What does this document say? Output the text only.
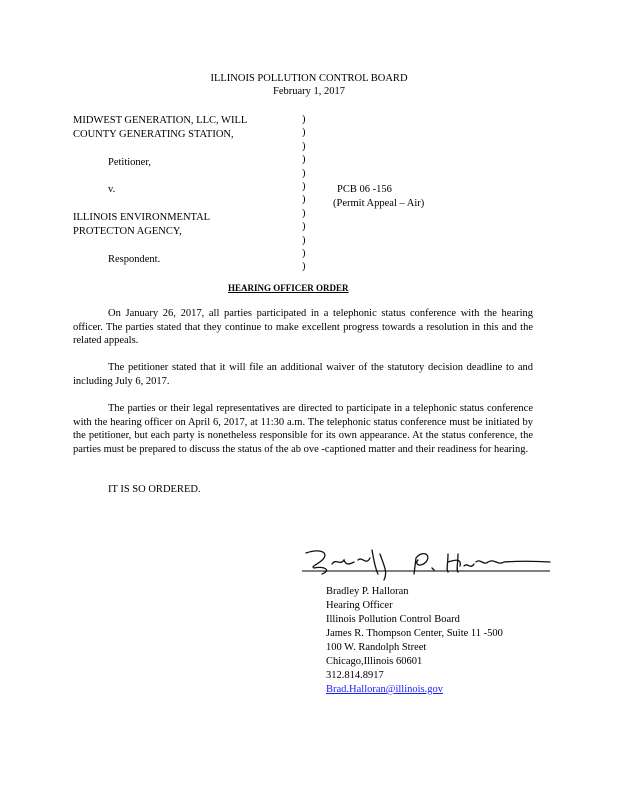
ILLINOIS POLLUTION CONTROL BOARD
February 1, 2017
MIDWEST GENERATION, LLC, WILL
COUNTY GENERATING STATION,
Petitioner,
v.
ILLINOIS ENVIRONMENTAL
PROTECTON AGENCY,
Respondent.
)
)
)
)
)
)
)
)
)
)
)
)
PCB 06 -156
(Permit Appeal – Air)
HEARING OFFICER ORDER
On January 26, 2017, all parties participated in a telephonic status conference with the hearing officer. The parties stated that they continue to make excellent progress towards a resolution in this and the related appeals.
The petitioner stated that it will file an additional waiver of the statutory decision deadline to and including July 6, 2017.
The parties or their legal representatives are directed to participate in a telephonic status conference with the hearing officer on April 6, 2017, at 11:30 a.m. The telephonic status conference must be initiated by the petitioner, but each party is nonetheless responsible for its own appearance. At the status conference, the parties must be prepared to discuss the status of the ab ove -captioned matter and their readiness for hearing.
IT IS SO ORDERED.
Bradley P. Halloran
Hearing Officer
Illinois Pollution Control Board
James R. Thompson Center, Suite 11 -500
100 W. Randolph Street
Chicago,Illinois 60601
312.814.8917
Brad.Halloran@illinois.gov
